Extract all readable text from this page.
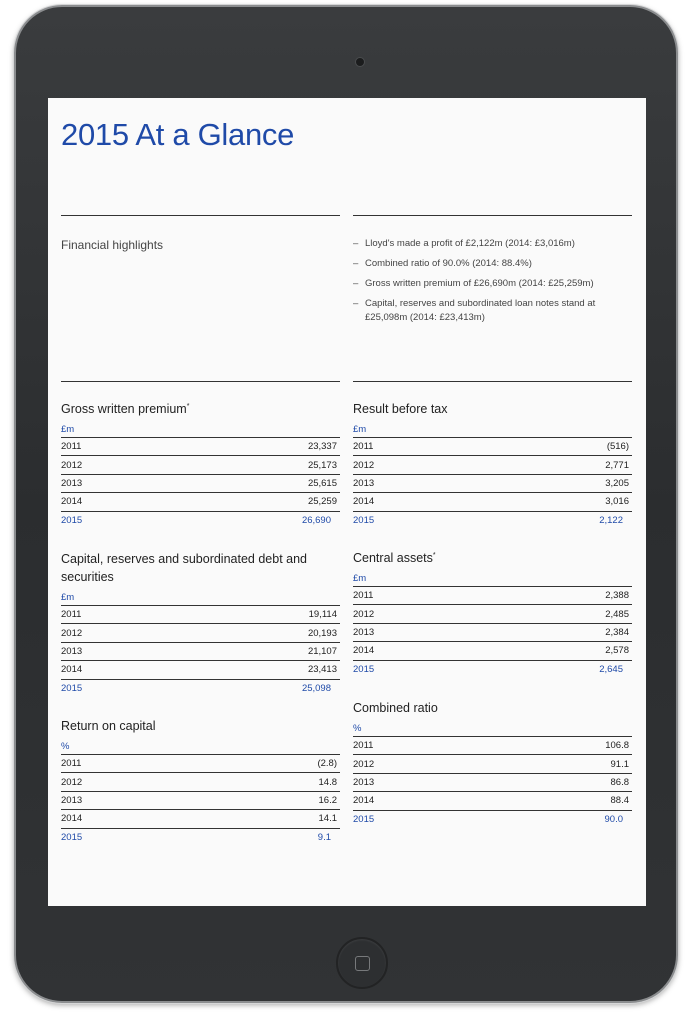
2015 At a Glance
Financial highlights
–	Lloyd's made a profit of £2,122m (2014: £3,016m)
– Combined ratio of 90.0% (2014: 88.4%)
– Gross written premium of £26,690m (2014: £25,259m)
– Capital, reserves and subordinated loan notes stand at £25,098m (2014: £23,413m)
Gross written premium*
£m
2011	23,337
2012	25,173
2013	25,615
2014	25,259
2015	26,690
Result before tax
£m
2011	(516)
2012	2,771
2013	3,205
2014	3,016
2015	2,122
Capital, reserves and subordinated debt and securities
£m
2011	19,114
2012	20,193
2013	21,107
2014	23,413
2015	25,098
Central assets*
£m
2011	2,388
2012	2,485
2013	2,384
2014	2,578
2015	2,645
Return on capital
%
2011	(2.8)
2012	14.8
2013	16.2
2014	14.1
2015	9.1
Combined ratio
%
2011	106.8
2012	91.1
2013	86.8
2014	88.4
2015	90.0
